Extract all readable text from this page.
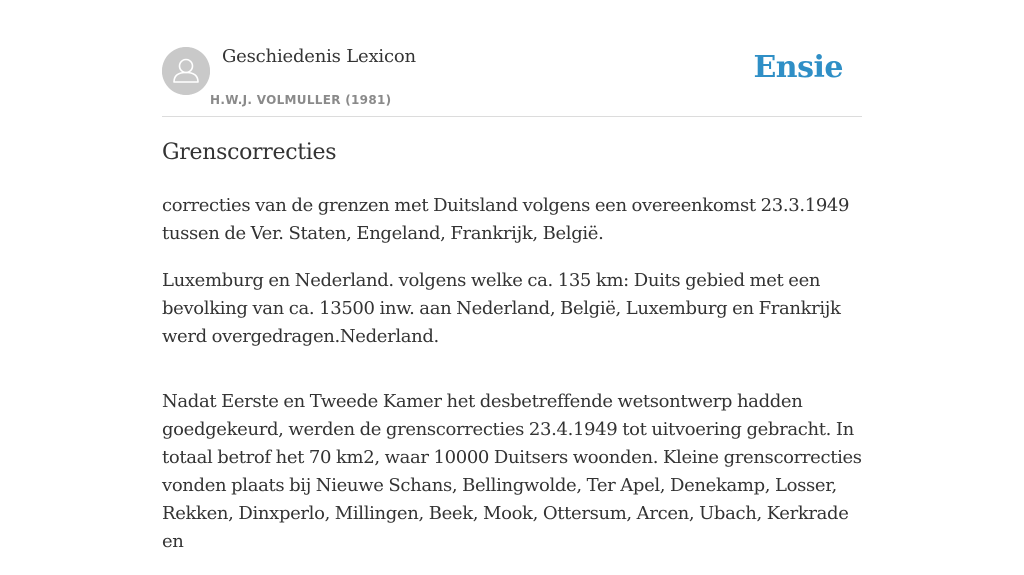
Geschiedenis Lexicon
H.W.J. VOLMULLER (1981)
Ensie
Grenscorrecties

correcties van de grenzen met Duitsland volgens een overeenkomst 23.3.1949 tussen de Ver. Staten, Engeland, Frankrijk, België.

Luxemburg en Nederland. volgens welke ca. 135 km: Duits gebied met een bevolking van ca. 13500 inw. aan Nederland, België, Luxemburg en Frankrijk werd overgedragen.Nederland.

Nadat Eerste en Tweede Kamer het desbetreffende wetsontwerp hadden goedgekeurd, werden de grenscorrecties 23.4.1949 tot uitvoering gebracht. In totaal betrof het 70 km2, waar 10000 Duitsers woonden. Kleine grenscorrecties vonden plaats bij Nieuwe Schans, Bellingwolde, Ter Apel, Denekamp, Losser, Rekken, Dinxperlo, Millingen, Beek, Mook, Ottersum, Arcen, Ubach, Kerkrade en
